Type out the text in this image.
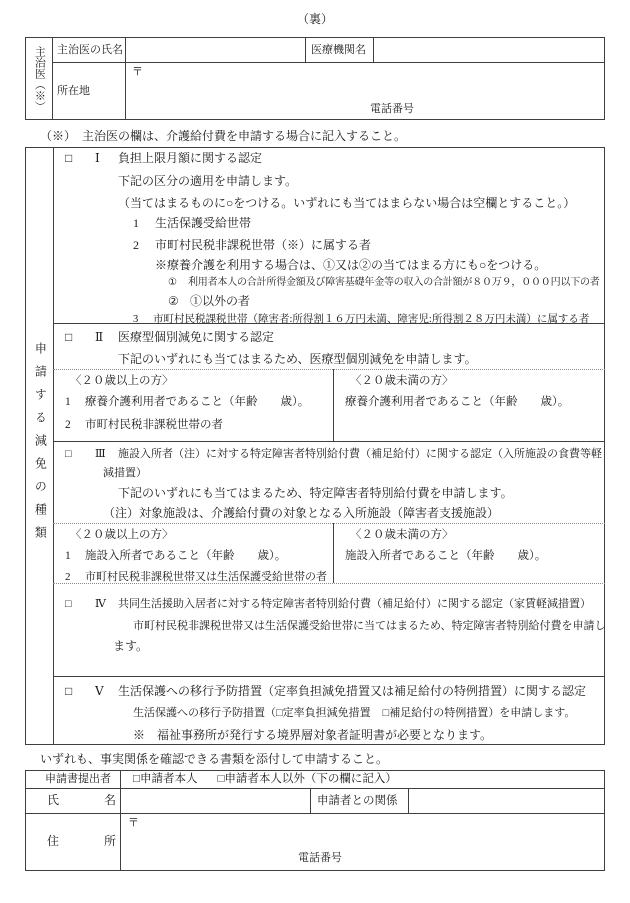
（裏）
主治医（※）	主治医の氏名	医療機関名
所在地
〒
電話番号
（※）　主治医の欄は、介護給付費を申請する場合に記入すること。
申請する減免の種類
□ Ⅰ 負担上限月額に関する認定
下記の区分の適用を申請します。
（当てはまるものに○をつける。いずれにも当てはまらない場合は空欄とすること。）
1 生活保護受給世帯
2 市町村民税非課税世帯（※）に属する者
※療養介護を利用する場合は、①又は②の当てはまる方にも○をつける。
① 利用者本人の合計所得金額及び障害基礎年金等の収入の合計額が８０万９，０００円以下の者
② ①以外の者
3 市町村民税課税世帯（障害者:所得割１６万円未満、障害児:所得割２８万円未満）に属する者
□ Ⅱ 医療型個別減免に関する認定
下記のいずれにも当てはまるため、医療型個別減免を申請します。
〈２０歳以上の方〉
1 療養介護利用者であること（年齢　　歳）。
2 市町村民税非課税世帯の者
〈２０歳未満の方〉
療養介護利用者であること（年齢　　歳）。
□ Ⅲ 施設入所者（注）に対する特定障害者特別給付費（補足給付）に関する認定（入所施設の食費等軽
減措置）
下記のいずれにも当てはまるため、特定障害者特別給付費を申請します。
（注）対象施設は、介護給付費の対象となる入所施設（障害者支援施設）
〈２０歳以上の方〉
1 施設入所者であること（年齢　　歳）。
2 市町村民税非課税世帯又は生活保護受給世帯の者
〈２０歳未満の方〉
施設入所者であること（年齢　　歳）。
□ Ⅳ 共同生活援助入居者に対する特定障害者特別給付費（補足給付）に関する認定（家賃軽減措置）
市町村民税非課税世帯又は生活保護受給世帯に当てはまるため、特定障害者特別給付費を申請し
ます。
□ Ⅴ 生活保護への移行予防措置（定率負担減免措置又は補足給付の特例措置）に関する認定
生活保護への移行予防措置（□定率負担減免措置 □補足給付の特例措置）を申請します。
※　福祉事務所が発行する境界層対象者証明書が必要となります。
いずれも、事実関係を確認できる書類を添付して申請すること。
申請書提出者 □申請者本人 □申請者本人以外（下の欄に記入）
氏	名	申請者との関係
住	所
〒
電話番号
